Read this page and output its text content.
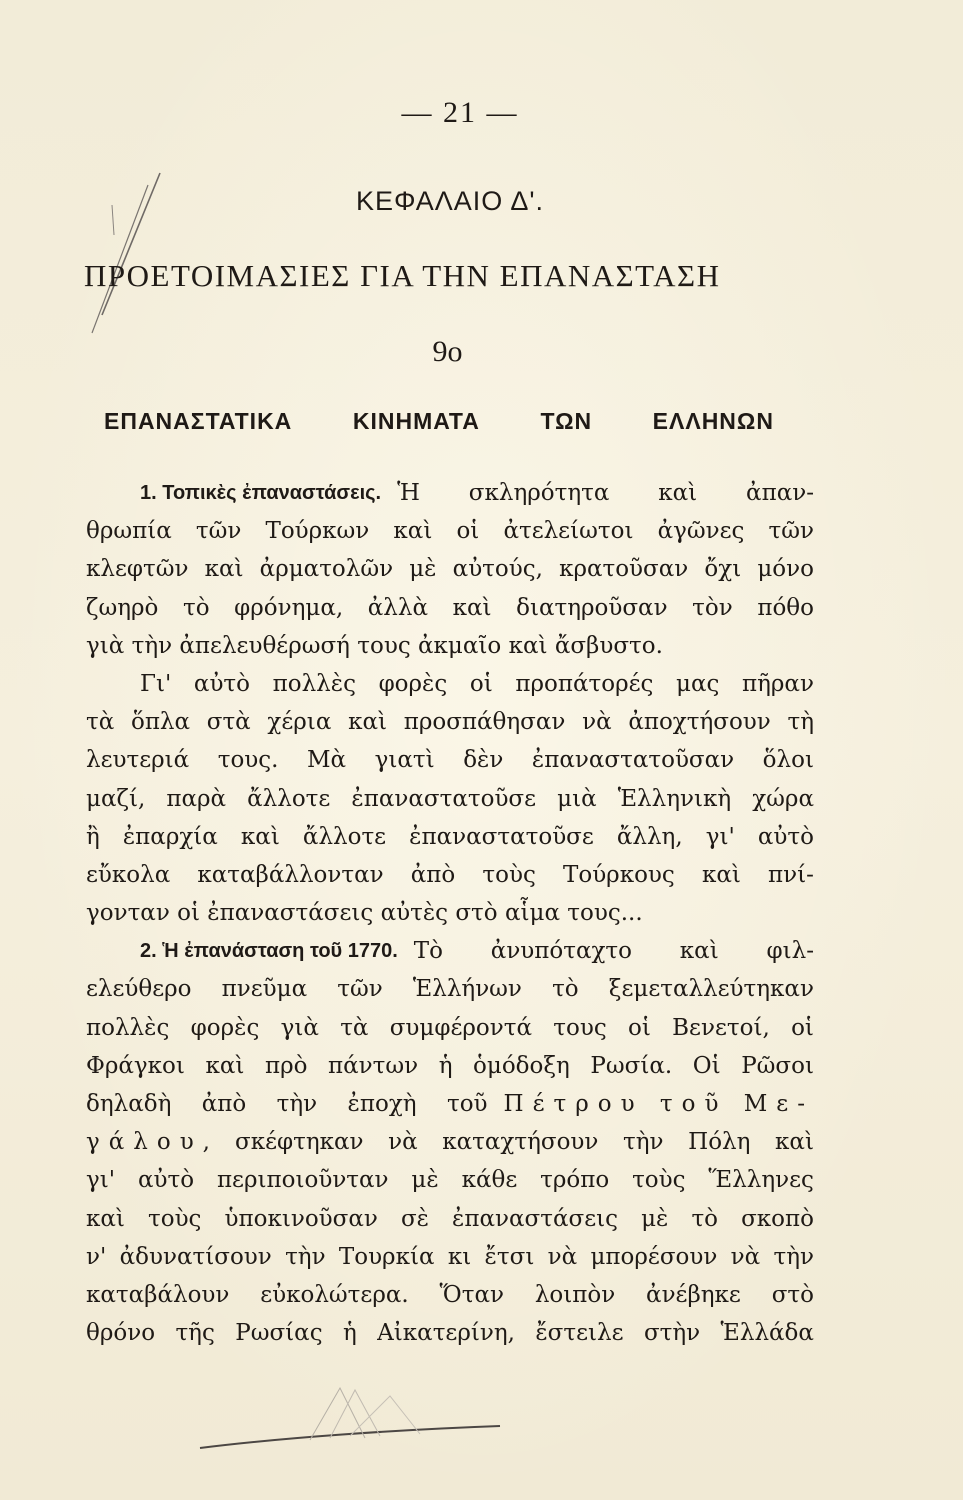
— 21 —
ΚΕΦΑΛΑΙΟ Δ'.
ΠΡΟΕΤΟΙΜΑΣΙΕΣ ΓΙΑ ΤΗΝ ΕΠΑΝΑΣΤΑΣΗ
9ο
ΕΠΑΝΑΣΤΑΤΙΚΑ	ΚΙΝΗΜΑΤΑ	ΤΩΝ	ΕΛΛΗΝΩΝ
1. Τοπικὲς ἐπαναστάσεις. Ἡ σκληρότητα καὶ ἀπαν-
θρωπία τῶν Τούρκων καὶ οἱ ἀτελείωτοι ἀγῶνες τῶν
κλεφτῶν καὶ ἀρματολῶν μὲ αὐτούς, κρατοῦσαν ὄχι μόνο
ζωηρὸ τὸ φρόνημα, ἀλλὰ καὶ διατηροῦσαν τὸν πόθο
γιὰ τὴν ἀπελευθέρωσή τους ἀκμαῖο καὶ ἄσβυστο.
Γι' αὐτὸ πολλὲς φορὲς οἱ προπάτορές μας πῆραν
τὰ ὅπλα στὰ χέρια καὶ προσπάθησαν νὰ ἀποχτήσουν τὴ
λευτεριά τους. Μὰ γιατὶ δὲν ἐπαναστατοῦσαν ὅλοι
μαζί, παρὰ ἄλλοτε ἐπαναστατοῦσε μιὰ Ἑλληνικὴ χώρα
ἢ ἐπαρχία καὶ ἄλλοτε ἐπαναστατοῦσε ἄλλη, γι' αὐτὸ
εὔκολα καταβάλλονταν ἀπὸ τοὺς Τούρκους καὶ πνί-
γονταν οἱ ἐπαναστάσεις αὐτὲς στὸ αἷμα τους...
2. Ἡ ἐπανάσταση τοῦ 1770. Τὸ ἀνυπόταχτο καὶ φιλ-
ελεύθερο πνεῦμα τῶν Ἑλλήνων τὸ ξεμεταλλεύτηκαν
πολλὲς φορὲς γιὰ τὰ συμφέροντά τους οἱ Βενετοί, οἱ
Φράγκοι καὶ πρὸ πάντων ἡ ὁμόδοξη Ρωσία. Οἱ Ρῶσοι
δηλαδὴ ἀπὸ τὴν ἐποχὴ τοῦ Πέτρου τοῦ Με-
γάλου, σκέφτηκαν νὰ καταχτήσουν τὴν Πόλη καὶ
γι' αὐτὸ περιποιοῦνταν μὲ κάθε τρόπο τοὺς Ἕλληνες
καὶ τοὺς ὑποκινοῦσαν σὲ ἐπαναστάσεις μὲ τὸ σκοπὸ
ν' ἀδυνατίσουν τὴν Τουρκία κι ἔτσι νὰ μπορέσουν νὰ τὴν
καταβάλουν εὐκολώτερα. Ὅταν λοιπὸν ἀνέβηκε στὸ
θρόνο τῆς Ρωσίας ἡ Αἰκατερίνη, ἔστειλε στὴν Ἑλλάδα
